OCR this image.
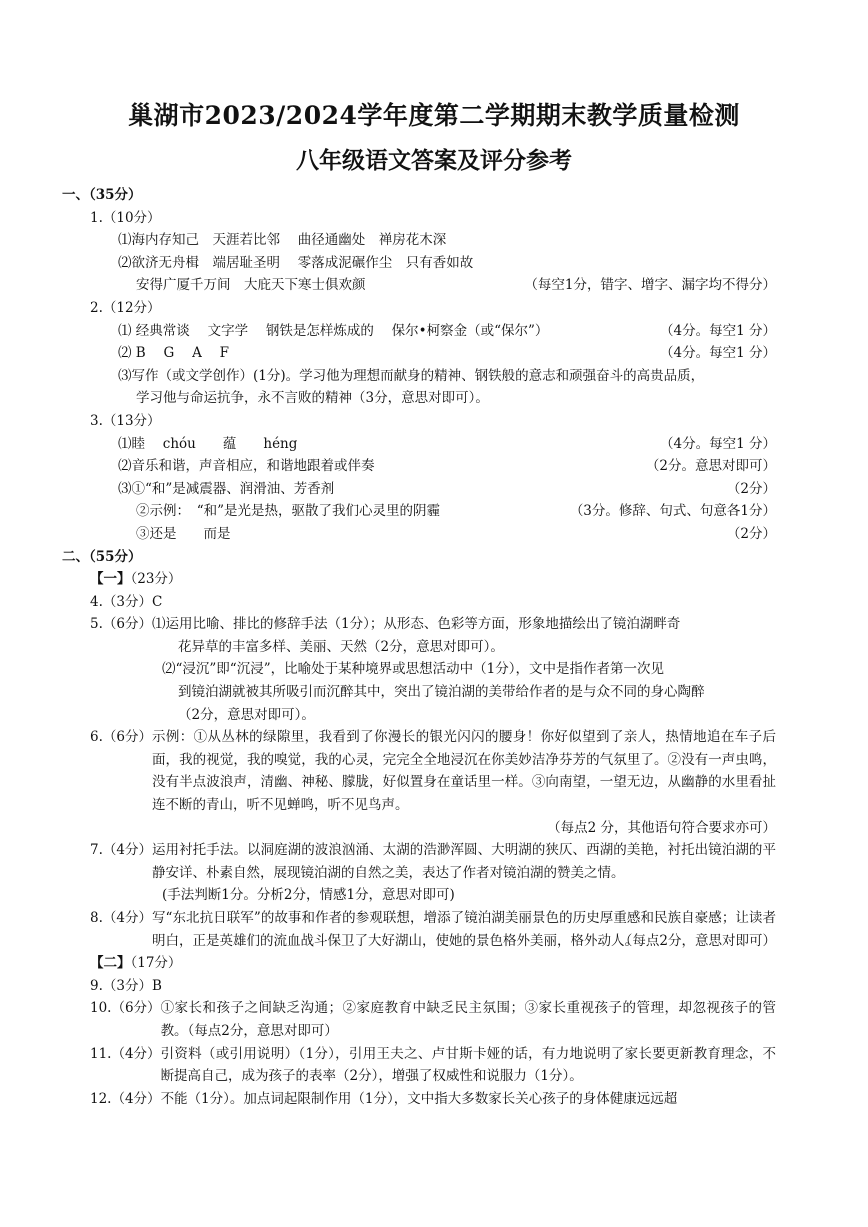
巢湖市2023/2024学年度第二学期期末教学质量检测
八年级语文答案及评分参考
一、（35分）
1.（10分）
⑴海内存知己　天涯若比邻　 曲径通幽处　禅房花木深
⑵欲济无舟楫　端居耻圣明　 零落成泥碾作尘　只有香如故
安得广厦千万间　大庇天下寒士俱欢颜	（每空1分，错字、增字、漏字均不得分）
2.（12分）
⑴ 经典常谈　 文字学　 钢铁是怎样炼成的　 保尔•柯察金（或“保尔”）	（4分。每空1 分）
⑵ B　 G　 A　 F	（4分。每空1 分）
⑶写作（或文学创作）(1分)。学习他为理想而献身的精神、钢铁般的意志和顽强奋斗的高贵品质，
学习他与命运抗争，永不言败的精神（3分，意思对即可）。
3.（13分）
⑴睦　 chóu　　蕴　　héng	（4分。每空1 分）
⑵音乐和谐，声音相应，和谐地跟着或伴奏	（2分。意思对即可）
⑶①“和”是减震器、润滑油、芳香剂	（2分）
②示例：　“和”是光是热，驱散了我们心灵里的阴霾	（3分。修辞、句式、句意各1分）
③还是　　而是	（2分）
二、（55分）
【一】（23分）
4.（3分）C
5.（6分）⑴运用比喻、排比的修辞手法（1分）；从形态、色彩等方面，形象地描绘出了镜泊湖畔奇
花异草的丰富多样、美丽、天然（2分，意思对即可）。
⑵“浸沉”即“沉浸”，比喻处于某种境界或思想活动中（1分），文中是指作者第一次见
到镜泊湖就被其所吸引而沉醉其中，突出了镜泊湖的美带给作者的是与众不同的身心陶醉
（2分，意思对即可）。
6.（6分） 示例：①从丛林的绿隙里，我看到了你漫长的银光闪闪的腰身！你好似望到了亲人，热情地追在车子后面，我的视觉，我的嗅觉，我的心灵，完完全全地浸沉在你美妙洁净芬芳的气氛里了。②没有一声虫鸣，没有半点波浪声，清幽、神秘、朦胧，好似置身在童话里一样。③向南望，一望无边，从幽静的水里看扯连不断的青山，听不见蝉鸣，听不见鸟声。
（每点2 分，其他语句符合要求亦可）
7.（4分） 运用衬托手法。以洞庭湖的波浪汹涌、太湖的浩渺浑圆、大明湖的狭仄、西湖的美艳，衬托出镜泊湖的平静安详、朴素自然，展现镜泊湖的自然之美，表达了作者对镜泊湖的赞美之情。
(手法判断1分。分析2分，情感1分，意思对即可)
8.（4分） 写“东北抗日联军”的故事和作者的参观联想，增添了镜泊湖美丽景色的历史厚重感和民族自豪感；让读者明白，正是英雄们的流血战斗保卫了大好湖山，使她的景色格外美丽，格外动人。
（每点2分，意思对即可）
【二】（17分）
9.（3分）B
10.（6分） ①家长和孩子之间缺乏沟通；②家庭教育中缺乏民主氛围；③家长重视孩子的管理，却忽视孩子的管教。（每点2分，意思对即可）
11.（4分） 引资料（或引用说明）（1分），引用王夫之、卢甘斯卡娅的话，有力地说明了家长要更新教育理念，不断提高自己，成为孩子的表率（2分），增强了权威性和说服力（1分）。
12.（4分） 不能（1分）。加点词起限制作用（1分），文中指大多数家长关心孩子的身体健康远远超
